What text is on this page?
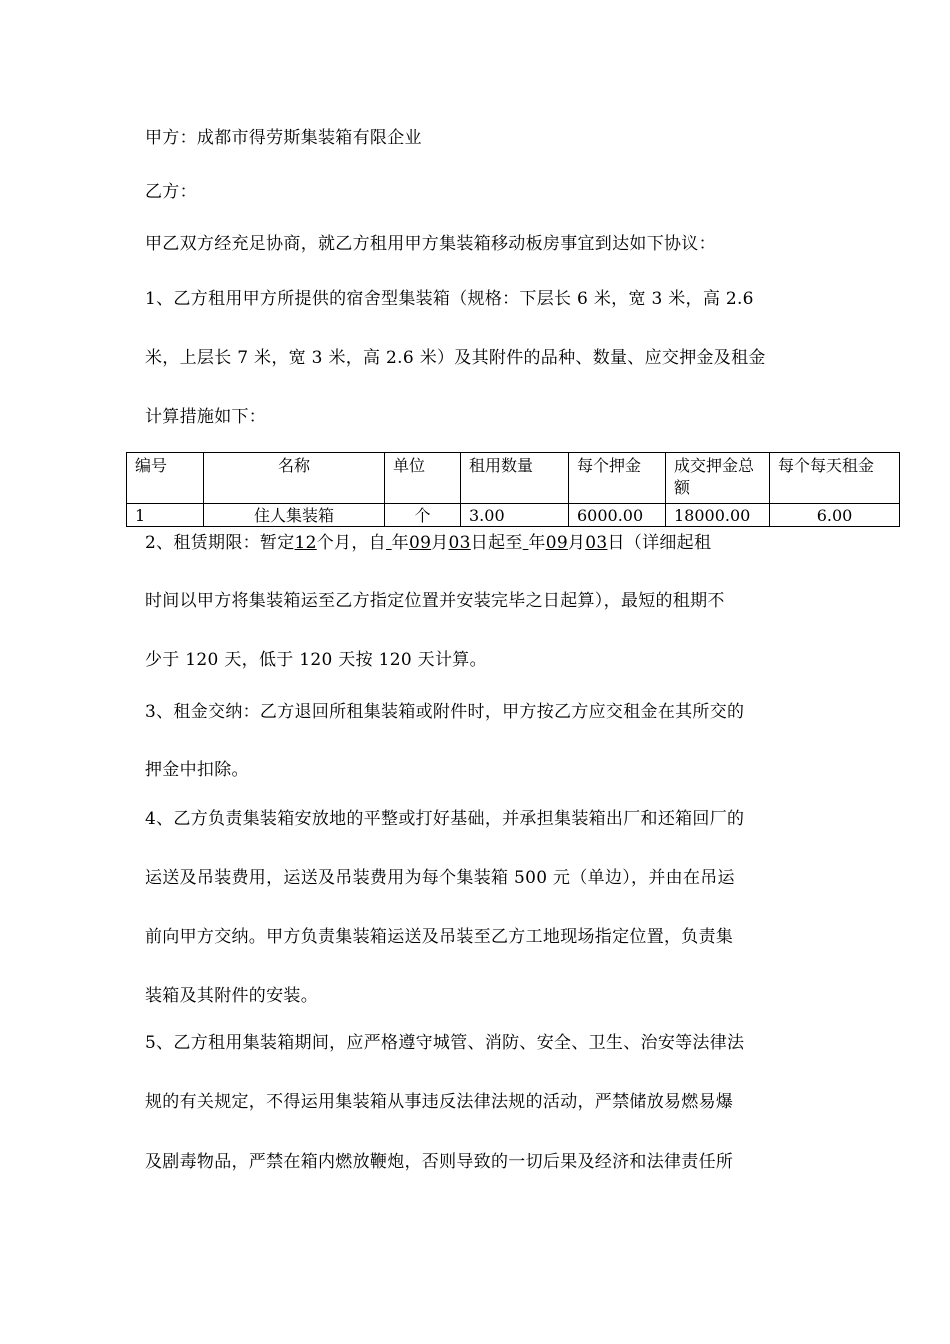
甲方：成都市得劳斯集装箱有限企业
乙方：
甲乙双方经充足协商，就乙方租用甲方集装箱移动板房事宜到达如下协议：
1、乙方租用甲方所提供的宿舍型集装箱（规格：下层长 6 米，宽 3 米，高 2.6
米，上层长 7 米，宽 3 米，高 2.6 米）及其附件的品种、数量、应交押金及租金
计算措施如下：
编号	名称	单位	租用数量	每个押金	成交押金总额	每个每天租金
1	住人集装箱	个	3.00	6000.00	18000.00	6.00
2、租赁期限：暂定12个月，自 年09月03日起至 年09月03日（详细起租
时间以甲方将集装箱运至乙方指定位置并安装完毕之日起算），最短的租期不
少于 120 天，低于 120 天按 120 天计算。
3、租金交纳：乙方退回所租集装箱或附件时，甲方按乙方应交租金在其所交的
押金中扣除。
4、乙方负责集装箱安放地的平整或打好基础，并承担集装箱出厂和还箱回厂的
运送及吊装费用，运送及吊装费用为每个集装箱 500 元（单边），并由在吊运
前向甲方交纳。甲方负责集装箱运送及吊装至乙方工地现场指定位置，负责集
装箱及其附件的安装。
5、乙方租用集装箱期间，应严格遵守城管、消防、安全、卫生、治安等法律法
规的有关规定，不得运用集装箱从事违反法律法规的活动，严禁储放易燃易爆
及剧毒物品，严禁在箱内燃放鞭炮，否则导致的一切后果及经济和法律责任所
